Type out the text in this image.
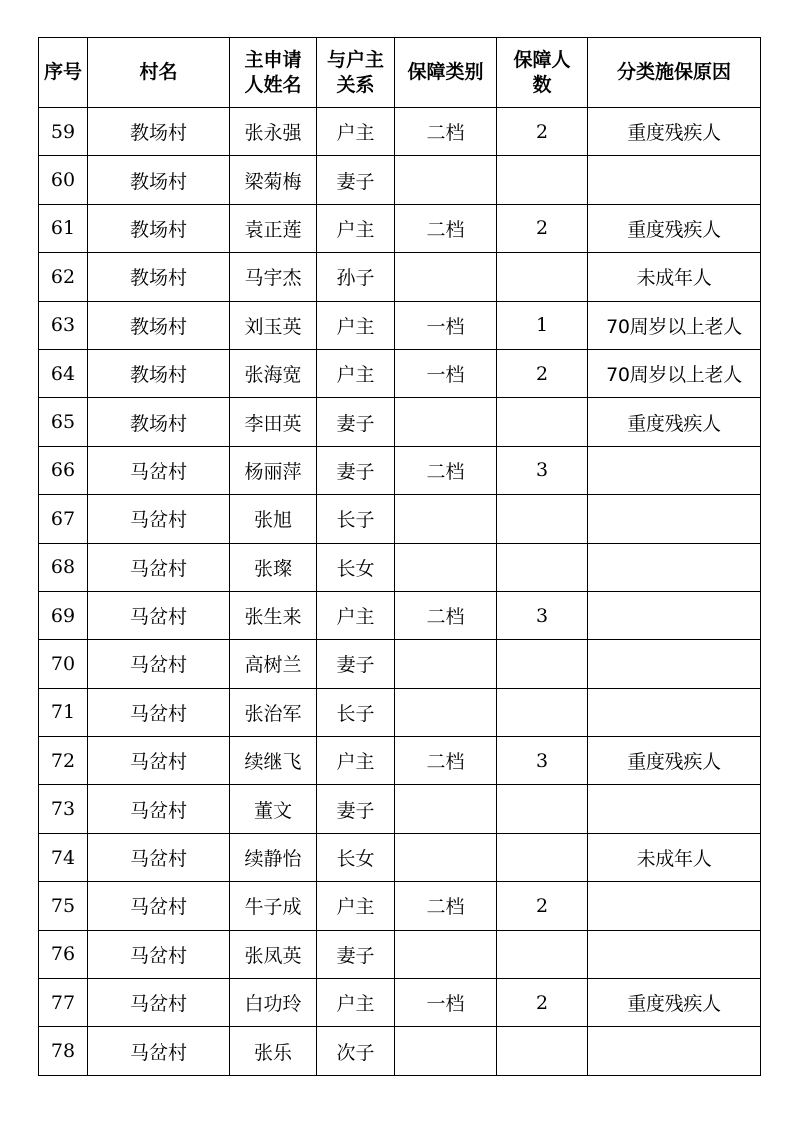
序号	村名	主申请人姓名	与户主关系	保障类别	保障人数	分类施保原因
59	教场村	张永强	户主	二档	2	重度残疾人
60	教场村	梁菊梅	妻子			
61	教场村	袁正莲	户主	二档	2	重度残疾人
62	教场村	马宇杰	孙子			未成年人
63	教场村	刘玉英	户主	一档	1	70周岁以上老人
64	教场村	张海宽	户主	一档	2	70周岁以上老人
65	教场村	李田英	妻子			重度残疾人
66	马岔村	杨丽萍	妻子	二档	3	
67	马岔村	张旭	长子			
68	马岔村	张璨	长女			
69	马岔村	张生来	户主	二档	3	
70	马岔村	高树兰	妻子			
71	马岔村	张治军	长子			
72	马岔村	续继飞	户主	二档	3	重度残疾人
73	马岔村	董文	妻子			
74	马岔村	续静怡	长女			未成年人
75	马岔村	牛子成	户主	二档	2	
76	马岔村	张凤英	妻子			
77	马岔村	白功玲	户主	一档	2	重度残疾人
78	马岔村	张乐	次子			
